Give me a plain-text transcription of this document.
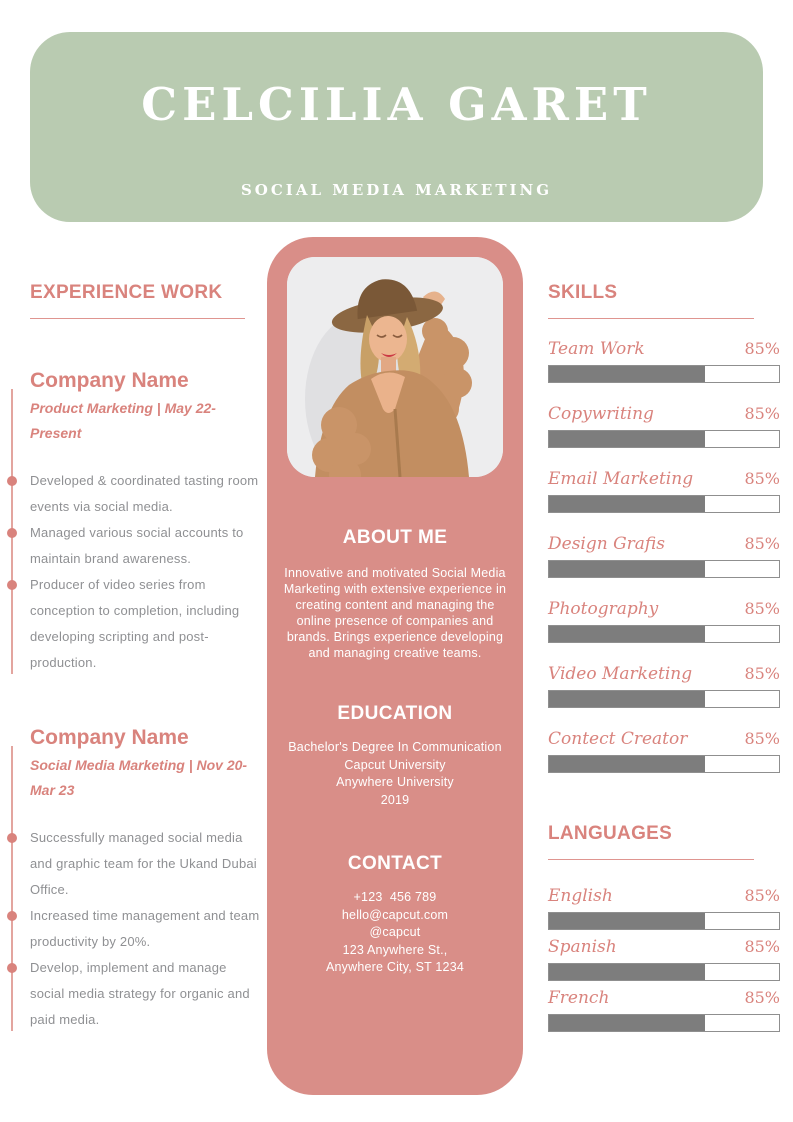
CELCILIA GARET
SOCIAL MEDIA MARKETING
EXPERIENCE WORK
Company Name
Product Marketing | May 22-Present
Developed & coordinated tasting room events via social media.
Managed various social accounts to maintain brand awareness.
Producer of video series from conception to completion, including developing scripting and post-production.
Company Name
Social Media Marketing | Nov 20-Mar 23
Successfully managed social media and graphic team for the Ukand Dubai Office.
Increased time management and team productivity by 20%.
Develop, implement and manage social media strategy for organic and paid media.
ABOUT ME

Innovative and motivated Social Media Marketing with extensive experience in creating content and managing the online presence of companies and brands. Brings experience developing and managing creative teams.

EDUCATION
Bachelor's Degree In Communication
Capcut University
Anywhere University
2019
CONTACT
+123  456 789
hello@capcut.com
@capcut
123 Anywhere St.,
Anywhere City, ST 1234
SKILLS
Team Work	85%
Copywriting	85%
Email Marketing	85%
Design Grafis	85%
Photography	85%
Video Marketing	85%
Contect Creator	85%
LANGUAGES
English	85%
Spanish	85%
French	85%
